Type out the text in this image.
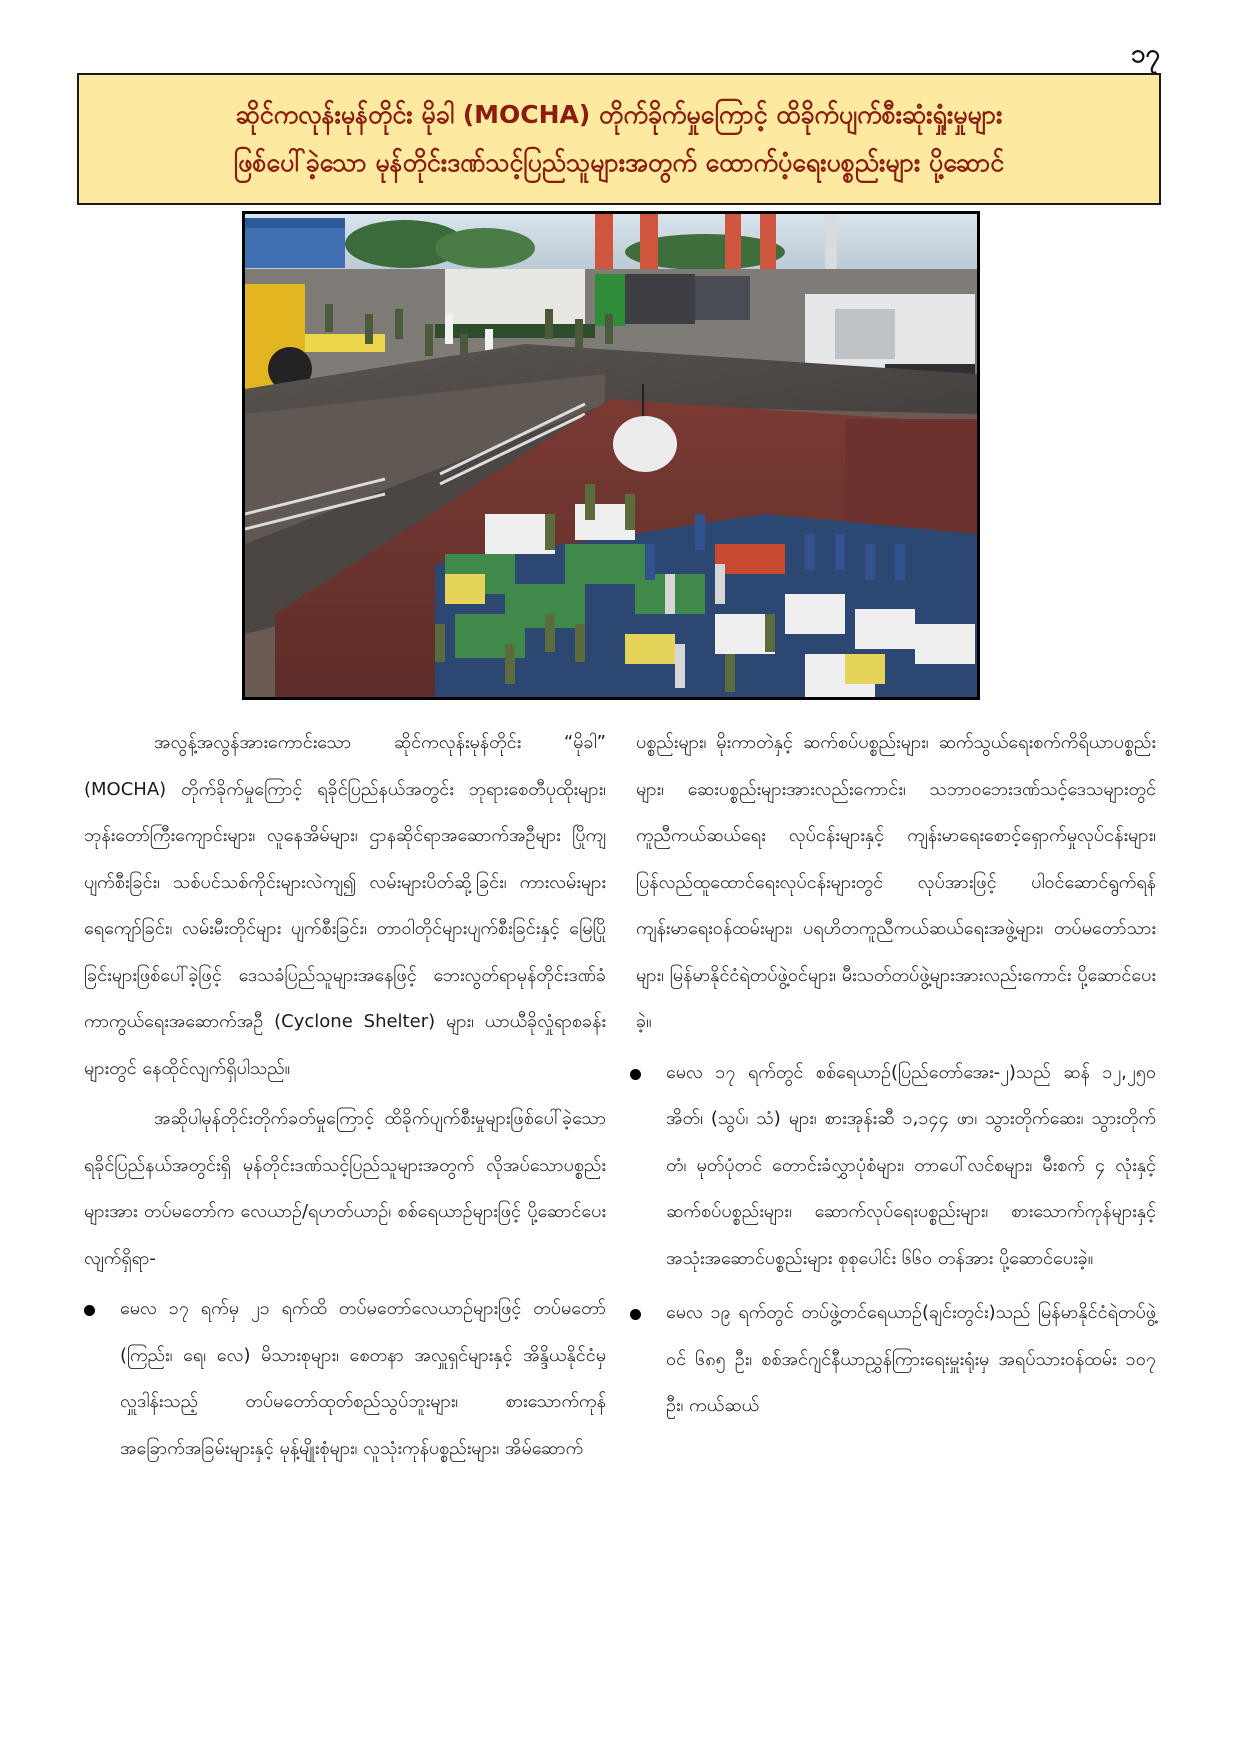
၁၇
ဆိုင်ကလုန်းမုန်တိုင်း မိုခါ (MOCHA) တိုက်ခိုက်မှုကြောင့် ထိခိုက်ပျက်စီးဆုံးရှုံးမှုများ
ဖြစ်ပေါ်ခဲ့သော မုန်တိုင်းဒဏ်သင့်ပြည်သူများအတွက် ထောက်ပံ့ရေးပစ္စည်းများ ပို့ဆောင်

အလွန့်အလွန်အားကောင်းသော ဆိုင်ကလုန်းမုန်တိုင်း “မိုခါ” (MOCHA) တိုက်ခိုက်မှုကြောင့် ရခိုင်ပြည်နယ်အတွင်း ဘုရားစေတီပုထိုးများ၊ ဘုန်းတော်ကြီးကျောင်းများ၊ လူနေအိမ်များ၊ ဌာနဆိုင်ရာအဆောက်အဦများ ပြိုကျပျက်စီးခြင်း၊ သစ်ပင်သစ်ကိုင်းများလဲကျ၍ လမ်းများပိတ်ဆို့ခြင်း၊ ကားလမ်းများရေကျော်ခြင်း၊ လမ်းမီးတိုင်များ ပျက်စီးခြင်း၊ တာဝါတိုင်များပျက်စီးခြင်းနှင့် မြေပြိုခြင်းများဖြစ်ပေါ်ခဲ့ဖြင့် ဒေသခံပြည်သူများအနေဖြင့် ဘေးလွတ်ရာမုန်တိုင်းဒဏ်ခံ ကာကွယ်ရေးအဆောက်အဦ (Cyclone Shelter) များ၊ ယာယီခိုလှုံရာစခန်းများတွင် နေထိုင်လျက်ရှိပါသည်။

အဆိုပါမုန်တိုင်းတိုက်ခတ်မှုကြောင့် ထိခိုက်ပျက်စီးမှုများဖြစ်ပေါ်ခဲ့သော ရခိုင်ပြည်နယ်အတွင်းရှိ မုန်တိုင်းဒဏ်သင့်ပြည်သူများအတွက် လိုအပ်သောပစ္စည်းများအား တပ်မတော်က လေယာဉ်/ရဟတ်ယာဉ်၊ စစ်ရေယာဉ်များဖြင့် ပို့ဆောင်ပေးလျက်ရှိရာ-

မေလ ၁၇ ရက်မှ ၂၁ ရက်ထိ တပ်မတော်လေယာဉ်များဖြင့် တပ်မတော် (ကြည်း၊ ရေ၊ လေ) မိသားစုများ၊ စေတနာ အလှူရှင်များနှင့် အိန္ဒိယနိုင်ငံမှလှူဒါန်းသည့် တပ်မတော်ထုတ်စည်သွပ်ဘူးများ၊ စားသောက်ကုန်အခြောက်အခြမ်းများနှင့် မုန့်မျိုးစုံများ၊ လူသုံးကုန်ပစ္စည်းများ၊ အိမ်ဆောက်

ပစ္စည်းများ၊ မိုးကာတဲနှင့် ဆက်စပ်ပစ္စည်းများ၊ ဆက်သွယ်ရေးစက်ကိရိယာပစ္စည်းများ၊ ဆေးပစ္စည်းများအားလည်းကောင်း၊ သဘာဝဘေးဒဏ်သင့်ဒေသများတွင် ကူညီကယ်ဆယ်ရေး လုပ်ငန်းများနှင့် ကျန်းမာရေးစောင့်ရှောက်မှုလုပ်ငန်းများ၊ ပြန်လည်ထူထောင်ရေးလုပ်ငန်းများတွင် လုပ်အားဖြင့် ပါဝင်ဆောင်ရွက်ရန် ကျန်းမာရေးဝန်ထမ်းများ၊ ပရဟိတကူညီကယ်ဆယ်ရေးအဖွဲ့များ၊ တပ်မတော်သားများ၊ မြန်မာနိုင်ငံရဲတပ်ဖွဲ့ဝင်များ၊ မီးသတ်တပ်ဖွဲ့များအားလည်းကောင်း ပို့ဆောင်ပေးခဲ့။

မေလ ၁၇ ရက်တွင် စစ်ရေယာဉ်(ပြည်တော်အေး-၂)သည် ဆန် ၁၂,၂၅၀ အိတ်၊ (သွပ်၊ သံ) များ၊ စားအုန်းဆီ ၁,၁၄၄ ဖာ၊ သွားတိုက်ဆေး၊ သွားတိုက်တံ၊ မုတ်ပုံတင် တောင်းခံလွှာပုံစံများ၊ တာပေါ်လင်စများ၊ မီးစက် ၄ လုံးနှင့် ဆက်စပ်ပစ္စည်းများ၊ ဆောက်လုပ်ရေးပစ္စည်းများ၊ စားသောက်ကုန်များနှင့် အသုံးအဆောင်ပစ္စည်းများ စုစုပေါင်း ၆၆၀ တန်အား ပို့ဆောင်ပေးခဲ့။
မေလ ၁၉ ရက်တွင် တပ်ဖွဲ့တင်ရေယာဉ်(ချင်းတွင်း)သည် မြန်မာနိုင်ငံရဲတပ်ဖွဲ့ဝင် ၆၈၅ ဦး၊ စစ်အင်ဂျင်နီယာညွှန်ကြားရေးမှူးရုံးမှ အရပ်သားဝန်ထမ်း ၁၀၇ ဦး၊ ကယ်ဆယ်
